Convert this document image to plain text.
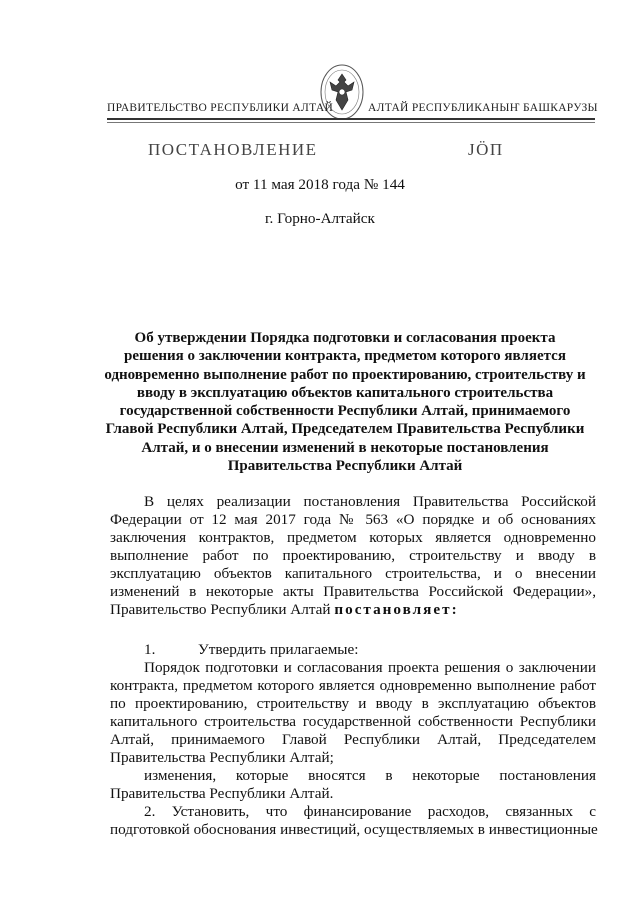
ПРАВИТЕЛЬСТВО РЕСПУБЛИКИ АЛТАЙ	АЛТАЙ РЕСПУБЛИКАНЫҤ БАШКАРУЗЫ
ПОСТАНОВЛЕНИЕ	ЈӦП
от 11 мая 2018 года № 144
г. Горно-Алтайск
Об утверждении Порядка подготовки и согласования проекта
решения о заключении контракта, предметом которого является
одновременно выполнение работ по проектированию, строительству и
вводу в эксплуатацию объектов капитального строительства
государственной собственности Республики Алтай, принимаемого
Главой Республики Алтай, Председателем Правительства Республики
Алтай, и о внесении изменений в некоторые постановления
Правительства Республики Алтай
В целях реализации постановления Правительства Российской
Федерации от 12 мая 2017 года № 563 «О порядке и об основаниях
заключения контрактов, предметом которых является одновременно
выполнение работ по проектированию, строительству и вводу в
эксплуатацию объектов капитального строительства, и о внесении
изменений в некоторые акты Правительства Российской Федерации»,
Правительство Республики Алтай постановляет:
1.	Утвердить прилагаемые:
Порядок подготовки и согласования проекта решения о заключении
контракта, предметом которого является одновременно выполнение работ
по проектированию, строительству и вводу в эксплуатацию объектов
капитального строительства государственной собственности Республики
Алтай, принимаемого Главой Республики Алтай, Председателем
Правительства Республики Алтай;
изменения, которые вносятся в некоторые постановления
Правительства Республики Алтай.
2. Установить, что финансирование расходов, связанных с
подготовкой обоснования инвестиций, осуществляемых в инвестиционные
